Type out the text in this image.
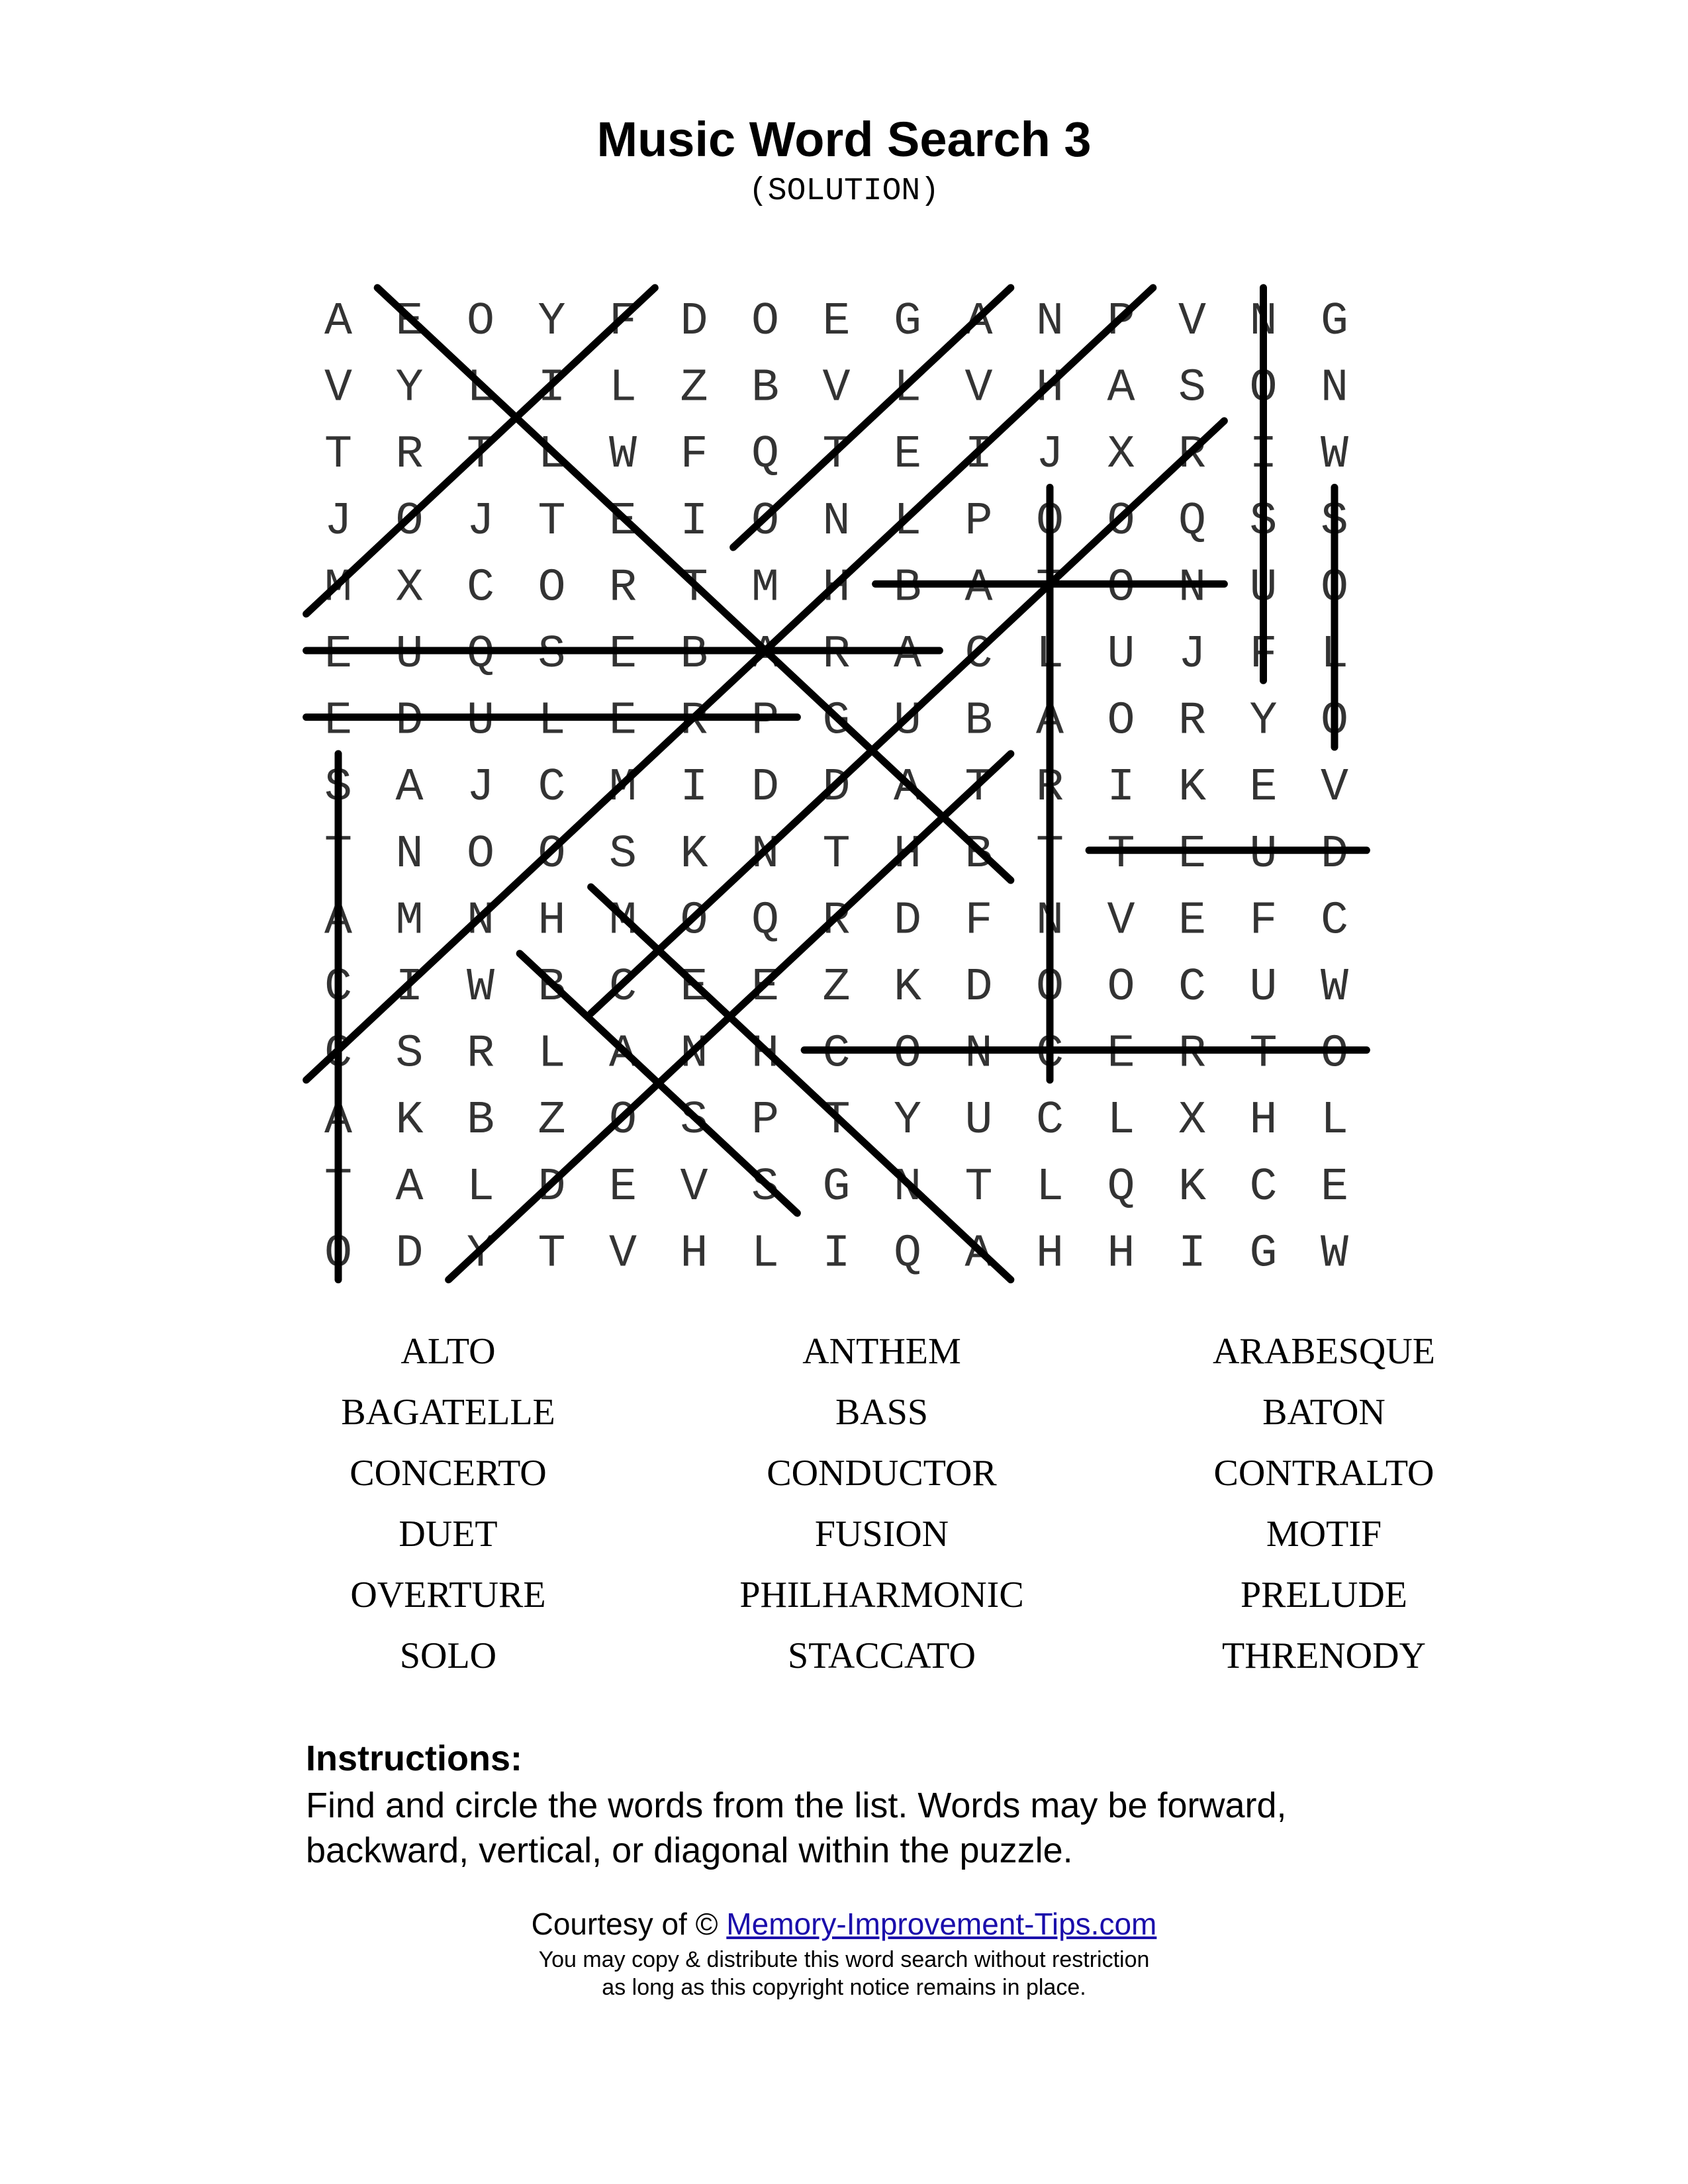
Music Word Search 3
(SOLUTION)
A E O Y F D O E G A N P V N G
V Y L I L Z B V L V H A S O N
T R T L W F Q T E I J X R I W
J O J T E I O N L P O O Q S S
M X C O R T M H B A T O N U O
E U Q S E B A R A C L U J F L
E D U L E R P G U B A O R Y O
S A J C M I D D A T R I K E V
T N O O S K N T H B T T E U D
A M N H M O Q R D F N V E F C
C I W B C E E Z K D O O C U W
C S R L A N H C O N C E R T O
A K B Z O S P T Y U C L X H L
T A L D E V S G N T L Q K C E
O D Y T V H L I Q A H H I G W
ALTO	ANTHEM	ARABESQUE
BAGATELLE	BASS	BATON
CONCERTO	CONDUCTOR	CONTRALTO
DUET	FUSION	MOTIF
OVERTURE	PHILHARMONIC	PRELUDE
SOLO	STACCATO	THRENODY
Instructions:
Find and circle the words from the list. Words may be forward,
backward, vertical, or diagonal within the puzzle.
Courtesy of © Memory-Improvement-Tips.com
You may copy & distribute this word search without restriction
as long as this copyright notice remains in place.
